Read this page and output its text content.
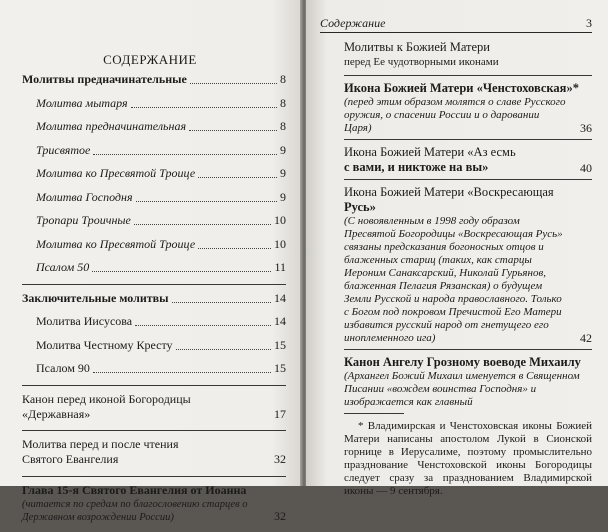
СОДЕРЖАНИЕ
Молитвы предначинательные	8
Молитва мытаря	8
Молитва предначинательная	8
Трисвятое	9
Молитва ко Пресвятой Троице	9
Молитва Господня	9
Тропари Троичные	10
Молитва ко Пресвятой Троице	10
Псалом 50	11
Заключительные молитвы	14
Молитва Иисусова	14
Молитва Честному Кресту	15
Псалом 90	15
Канон перед иконой Богородицы
«Державная»	17
Молитва перед и после чтения
Святого Евангелия	32
Глава 15-я Святого Евангелия от Иоанна
(читается по средам по благословению старцев о Державном возрождении России)	32
Содержание	3
Молитвы к Божией Матери
перед Ее чудотворными иконами
Икона Божией Матери «Ченстоховская»*
(перед этим образом молятся о славе Русского оружия, о спасении России и о даровании Царя)	36
Икона Божией Матери «Аз есмь
с вами, и никтоже на вы»	40
Икона Божией Матери «Воскресающая
Русь»
(С новоявленным в 1998 году образом Пресвятой Богородицы «Воскресающая Русь» связаны предсказания богоносных отцов и блаженных стариц (таких, как старцы Иероним Санаксарский, Николай Гурьянов, блаженная Пелагия Рязанская) о будущем Земли Русской и народа православного. Только с Богом под покровом Пречистой Его Матери избавится русский народ от гнетущего его иноплеменного ига)	42
Канон Ангелу Грозному воеводе Михаилу
(Архангел Божий Михаил именуется в Священном Писании «вождем воинства Господня» и изображается как главный
* Владимирская и Ченстоховская иконы Божией Матери написаны апостолом Лукой в Сионской горнице в Иерусалиме, поэтому промыслительно празднование Ченстоховской иконы Богородицы следует сразу за празднованием Владимирской иконы — 9 сентября.
